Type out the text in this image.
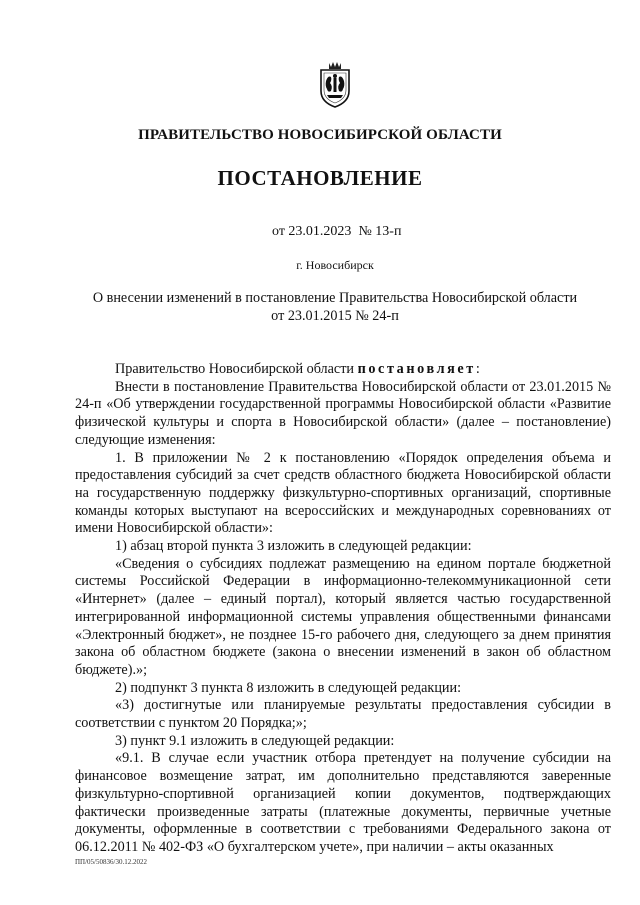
ПРАВИТЕЛЬСТВО НОВОСИБИРСКОЙ ОБЛАСТИ
ПОСТАНОВЛЕНИЕ
от 23.01.2023 № 13-п
г. Новосибирск
О внесении изменений в постановление Правительства Новосибирской области
от 23.01.2015 № 24-п

Правительство Новосибирской области постановляет:

Внести в постановление Правительства Новосибирской области от 23.01.2015 № 24-п «Об утверждении государственной программы Новосибирской области «Развитие физической культуры и спорта в Новосибирской области» (далее – постановление) следующие изменения:

1. В приложении № 2 к постановлению «Порядок определения объема и предоставления субсидий за счет средств областного бюджета Новосибирской области на государственную поддержку физкультурно-спортивных организаций, спортивные команды которых выступают на всероссийских и международных соревнованиях от имени Новосибирской области»:

1) абзац второй пункта 3 изложить в следующей редакции:

«Сведения о субсидиях подлежат размещению на едином портале бюджетной системы Российской Федерации в информационно-телекоммуникационной сети «Интернет» (далее – единый портал), который является частью государственной интегрированной информационной системы управления общественными финансами «Электронный бюджет», не позднее 15-го рабочего дня, следующего за днем принятия закона об областном бюджете (закона о внесении изменений в закон об областном бюджете).»;

2) подпункт 3 пункта 8 изложить в следующей редакции:

«3) достигнутые или планируемые результаты предоставления субсидии в соответствии с пунктом 20 Порядка;»;

3) пункт 9.1 изложить в следующей редакции:

«9.1. В случае если участник отбора претендует на получение субсидии на финансовое возмещение затрат, им дополнительно представляются заверенные физкультурно-спортивной организацией копии документов, подтверждающих фактически произведенные затраты (платежные документы, первичные учетные документы, оформленные в соответствии с требованиями Федерального закона от 06.12.2011 № 402-ФЗ «О бухгалтерском учете», при наличии – акты оказанных

ПП/05/50836/30.12.2022
